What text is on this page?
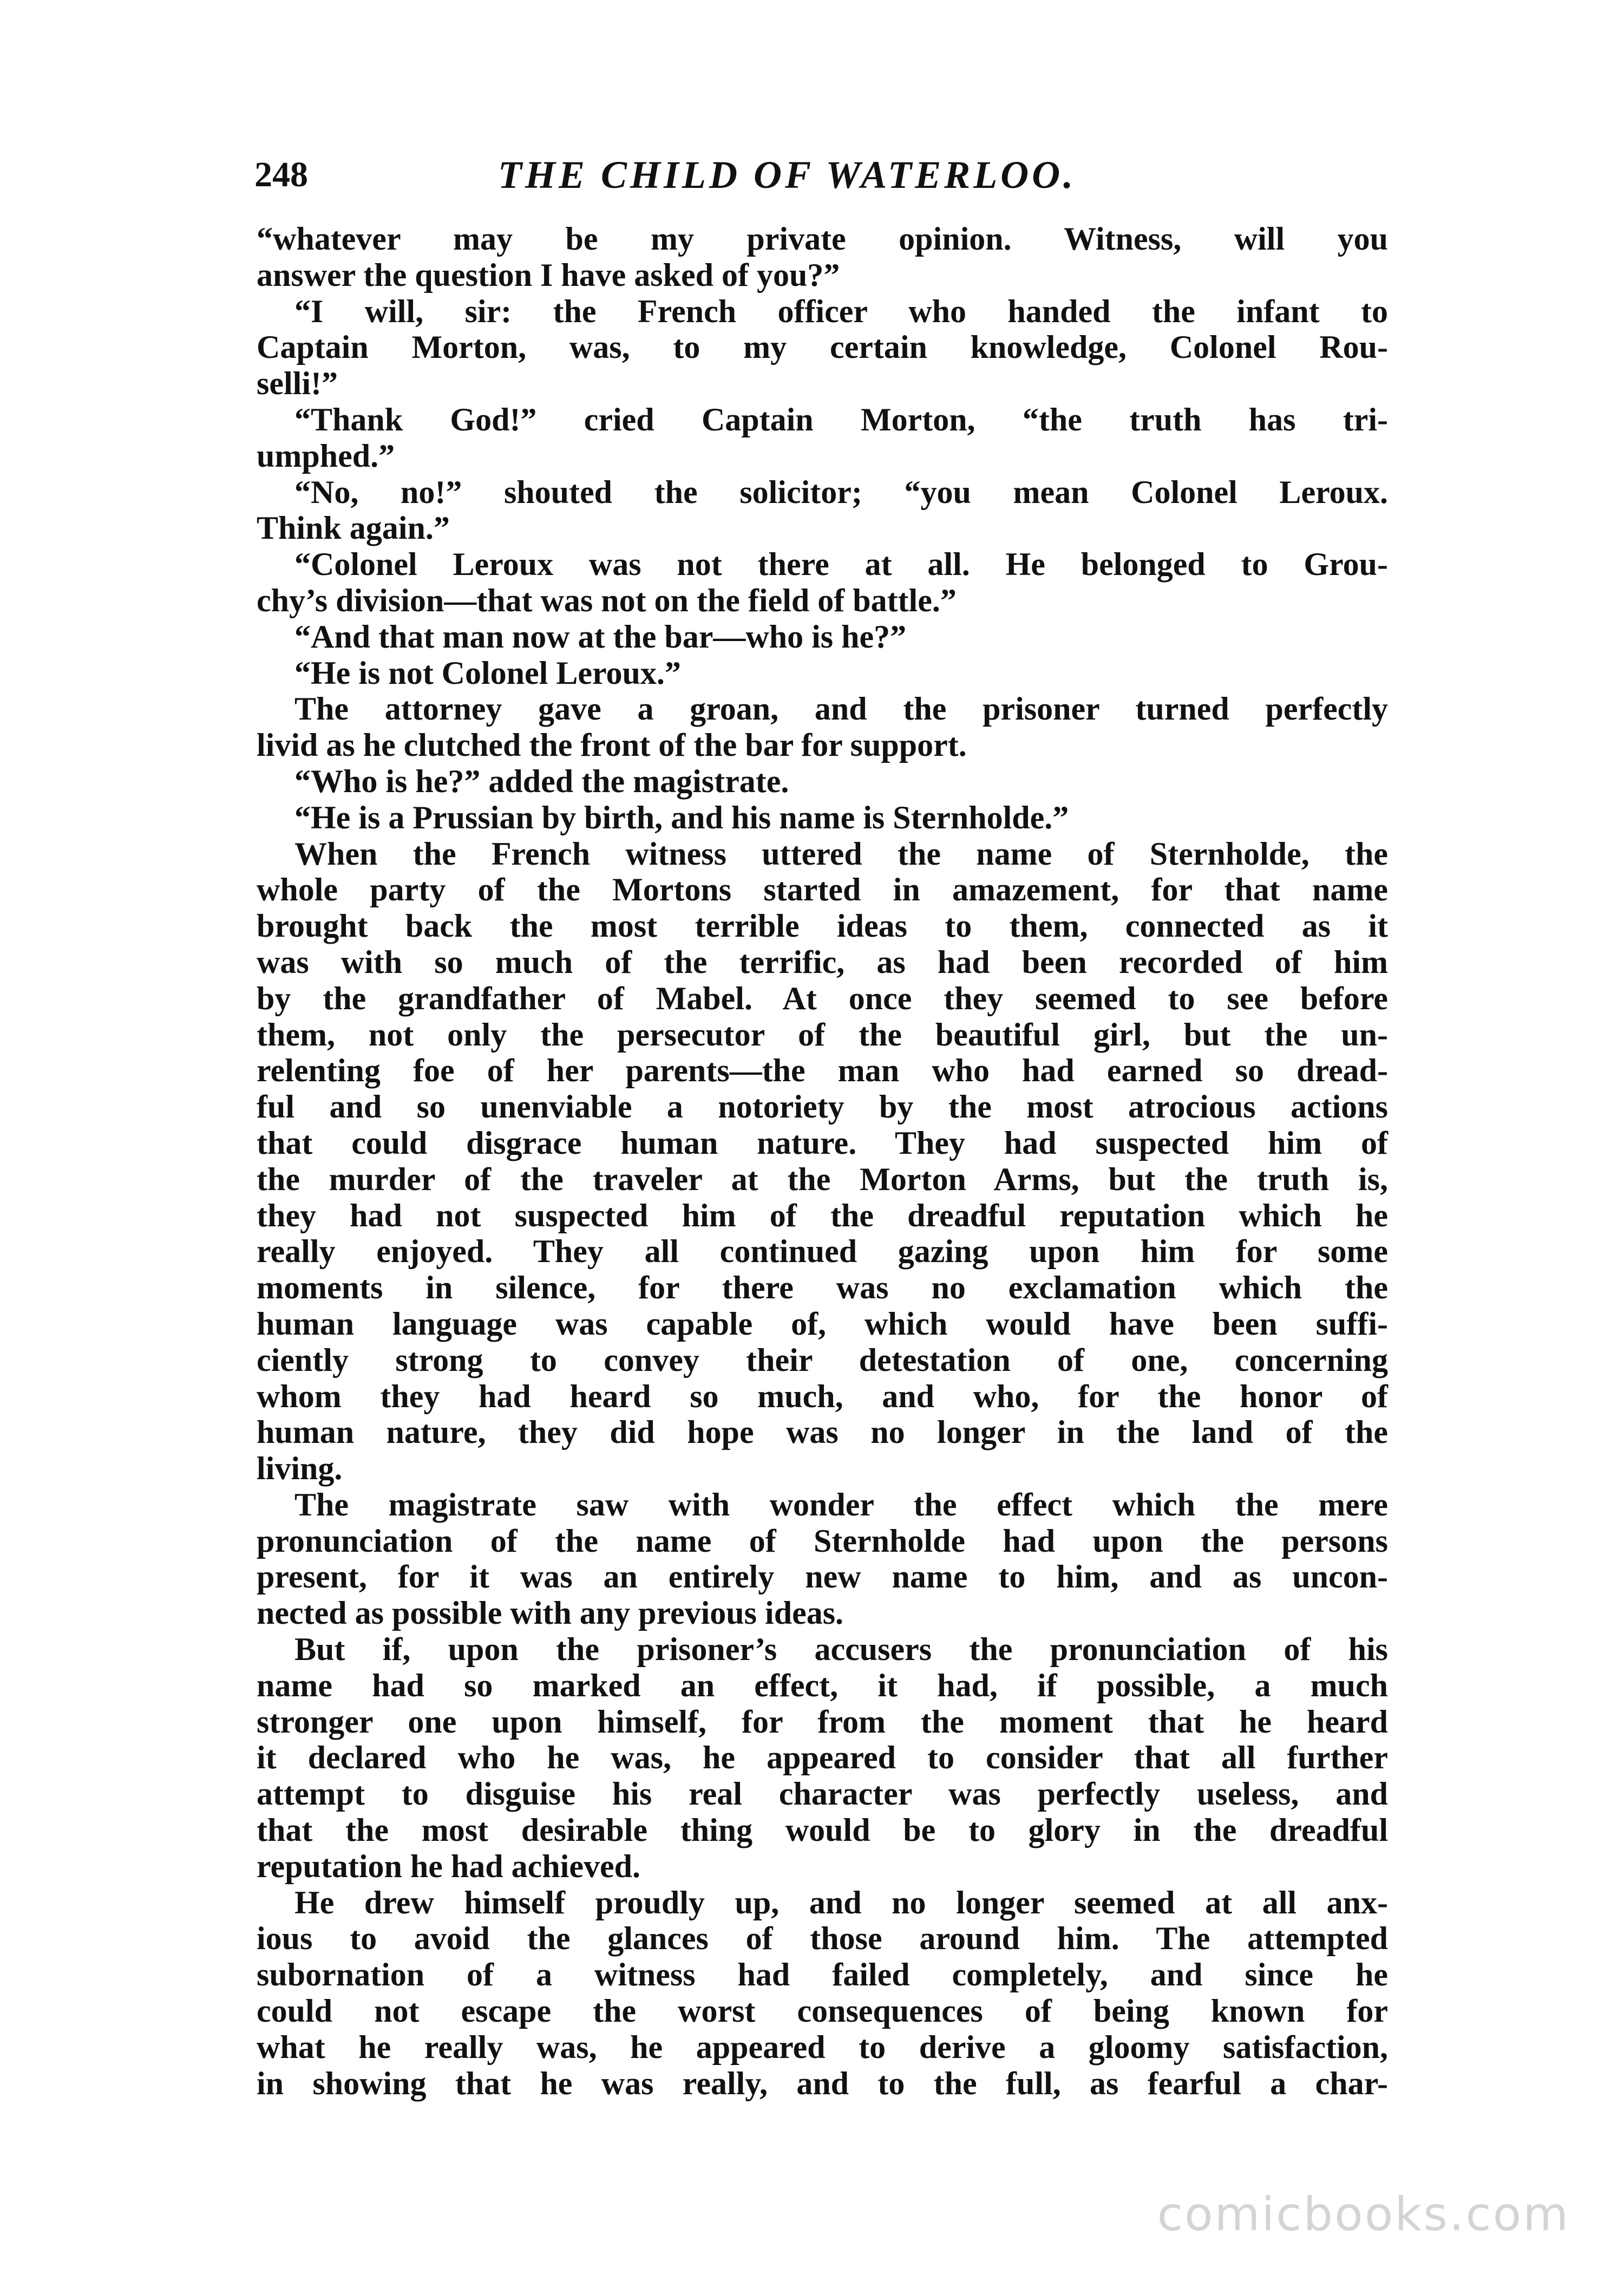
248	THE CHILD OF WATERLOO.
“whatever may be my private opinion. Witness, will you
answer the question I have asked of you?”
“I will, sir: the French officer who handed the infant to
Captain Morton, was, to my certain knowledge, Colonel Rou-
selli!”
“Thank God!” cried Captain Morton, “the truth has tri-
umphed.”
“No, no!” shouted the solicitor; “you mean Colonel Leroux.
Think again.”
“Colonel Leroux was not there at all. He belonged to Grou-
chy’s division—that was not on the field of battle.”
“And that man now at the bar—who is he?”
“He is not Colonel Leroux.”
The attorney gave a groan, and the prisoner turned perfectly
livid as he clutched the front of the bar for support.
“Who is he?” added the magistrate.
“He is a Prussian by birth, and his name is Sternholde.”
When the French witness uttered the name of Sternholde, the
whole party of the Mortons started in amazement, for that name
brought back the most terrible ideas to them, connected as it
was with so much of the terrific, as had been recorded of him
by the grandfather of Mabel. At once they seemed to see before
them, not only the persecutor of the beautiful girl, but the un-
relenting foe of her parents—the man who had earned so dread-
ful and so unenviable a notoriety by the most atrocious actions
that could disgrace human nature. They had suspected him of
the murder of the traveler at the Morton Arms, but the truth is,
they had not suspected him of the dreadful reputation which he
really enjoyed. They all continued gazing upon him for some
moments in silence, for there was no exclamation which the
human language was capable of, which would have been suffi-
ciently strong to convey their detestation of one, concerning
whom they had heard so much, and who, for the honor of
human nature, they did hope was no longer in the land of the
living.
The magistrate saw with wonder the effect which the mere
pronunciation of the name of Sternholde had upon the persons
present, for it was an entirely new name to him, and as uncon-
nected as possible with any previous ideas.
But if, upon the prisoner’s accusers the pronunciation of his
name had so marked an effect, it had, if possible, a much
stronger one upon himself, for from the moment that he heard
it declared who he was, he appeared to consider that all further
attempt to disguise his real character was perfectly useless, and
that the most desirable thing would be to glory in the dreadful
reputation he had achieved.
He drew himself proudly up, and no longer seemed at all anx-
ious to avoid the glances of those around him. The attempted
subornation of a witness had failed completely, and since he
could not escape the worst consequences of being known for
what he really was, he appeared to derive a gloomy satisfaction,
in showing that he was really, and to the full, as fearful a char-
comicbooks.com
